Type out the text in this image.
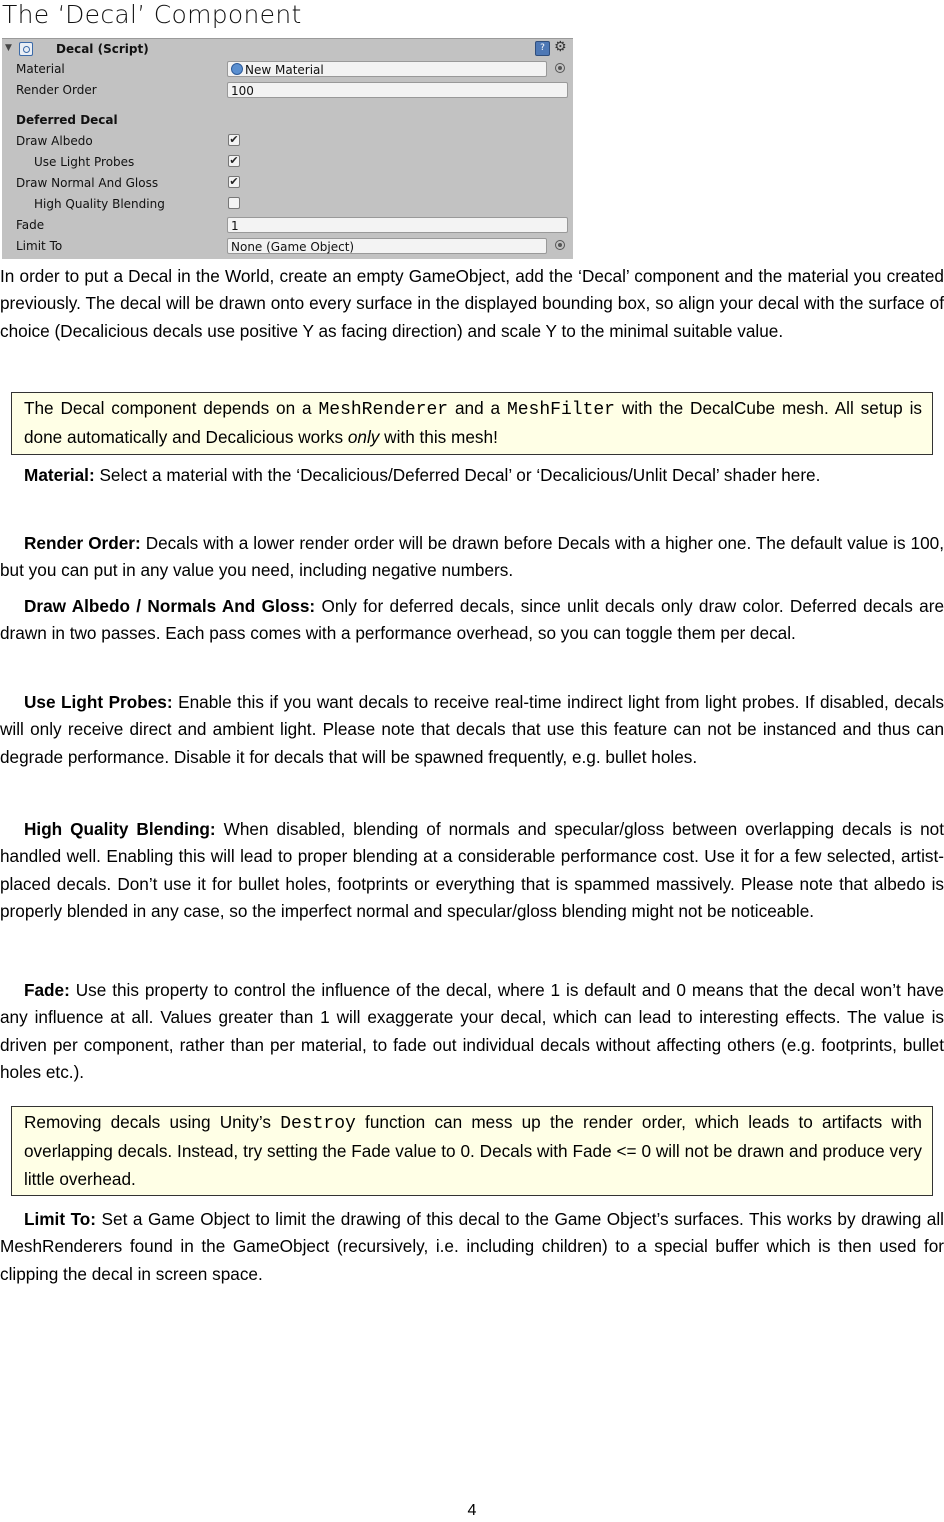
The ‘Decal’ Component
▼	Decal (Script)	? ⚙
Material	New Material
Render Order	100
Deferred Decal
Draw Albedo	✔
Use Light Probes	✔
Draw Normal And Gloss	✔
High Quality Blending
Fade	1
Limit To	None (Game Object)
In order to put a Decal in the World, create an empty GameObject, add the ‘Decal’ component and the material you created previously. The decal will be drawn onto every surface in the displayed bounding box, so align your decal with the surface of choice (Decalicious decals use positive Y as facing direction) and scale Y to the minimal suitable value.
The Decal component depends on a MeshRenderer and a MeshFilter with the DecalCube mesh. All setup is done automatically and Decalicious works only with this mesh!
Material: Select a material with the ‘Decalicious/Deferred Decal’ or ‘Decalicious/Unlit Decal’ shader here.
Render Order: Decals with a lower render order will be drawn before Decals with a higher one. The default value is 100, but you can put in any value you need, including negative numbers.
Draw Albedo / Normals And Gloss: Only for deferred decals, since unlit decals only draw color. Deferred decals are drawn in two passes. Each pass comes with a performance overhead, so you can toggle them per decal.
Use Light Probes: Enable this if you want decals to receive real-time indirect light from light probes. If disabled, decals will only receive direct and ambient light. Please note that decals that use this feature can not be instanced and thus can degrade performance. Disable it for decals that will be spawned frequently, e.g. bullet holes.
High Quality Blending: When disabled, blending of normals and specular/gloss between overlapping decals is not handled well. Enabling this will lead to proper blending at a considerable performance cost. Use it for a few selected, artist-placed decals. Don’t use it for bullet holes, footprints or everything that is spammed massively. Please note that albedo is properly blended in any case, so the imperfect normal and specular/gloss blending might not be noticeable.
Fade: Use this property to control the influence of the decal, where 1 is default and 0 means that the decal won’t have any influence at all. Values greater than 1 will exaggerate your decal, which can lead to interesting effects. The value is driven per component, rather than per material, to fade out individual decals without affecting others (e.g. footprints, bullet holes etc.).
Removing decals using Unity’s Destroy function can mess up the render order, which leads to artifacts with overlapping decals. Instead, try setting the Fade value to 0. Decals with Fade <= 0 will not be drawn and produce very little overhead.
Limit To: Set a Game Object to limit the drawing of this decal to the Game Object’s surfaces. This works by drawing all MeshRenderers found in the GameObject (recursively, i.e. including children) to a special buffer which is then used for clipping the decal in screen space.
4
